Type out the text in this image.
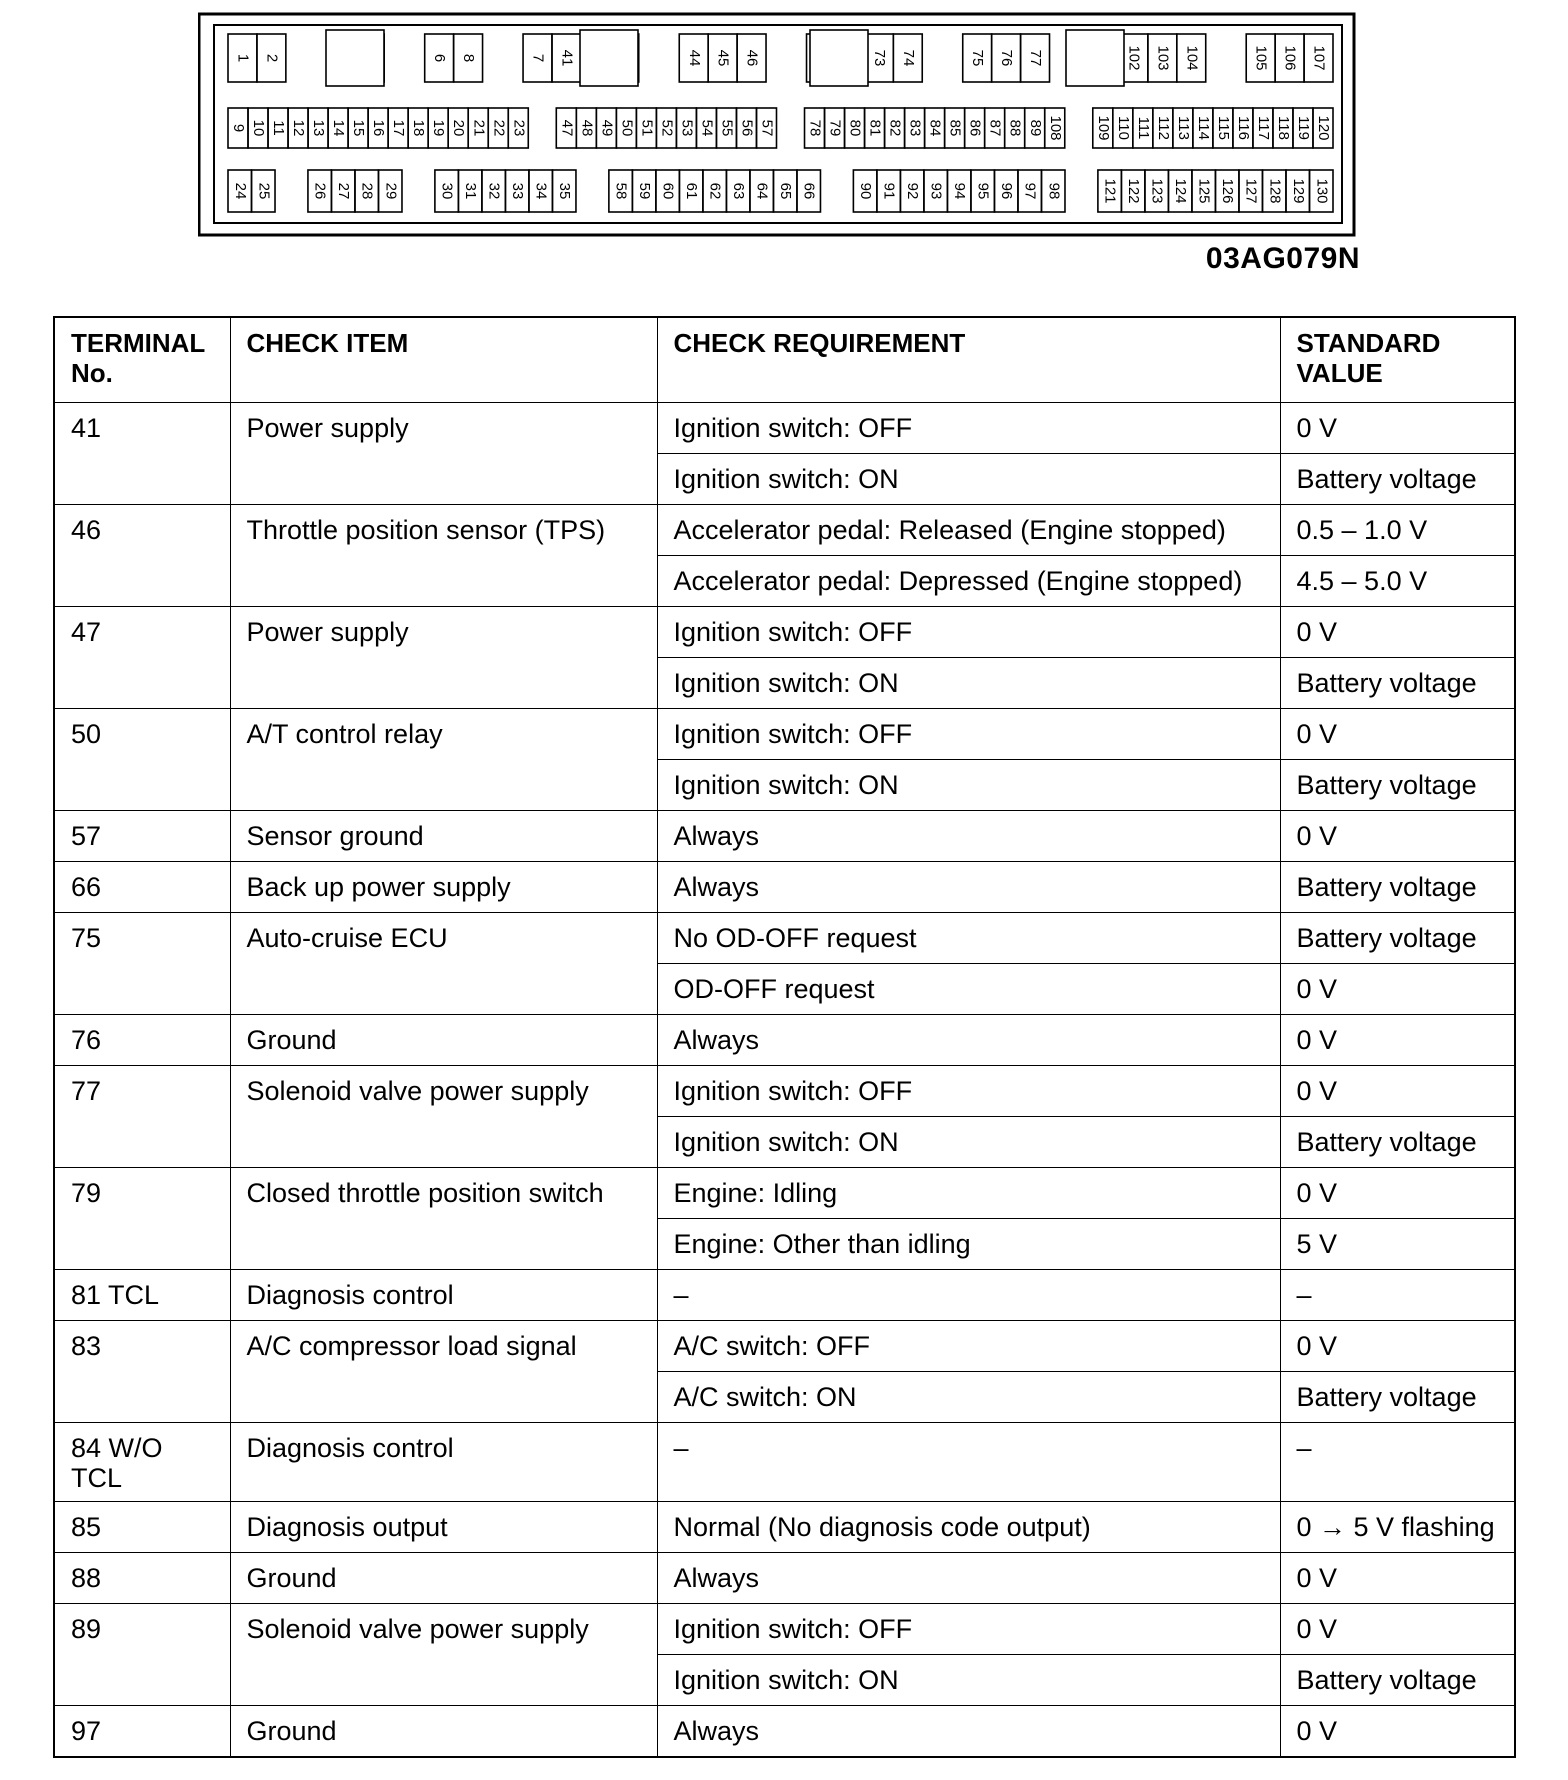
1 2	6 8	7 41	44 45 46	73 74	75 76 77	102 103 104	105 106 107
9 10 11 12 13 14 15 16 17 18 19 20 21 22 23 47 48 49 50 51 52 53 54 55 56 57 78 79 80 81 82 83 84 85 86 87 88 89 108 109 110 111 112 113 114 115 116 117 118 119 120
24 25	26 27 28 29	30 31 32 33 34 35	58 59 60 61 62 63 64 65 66	90 91 92 93 94 95 96 97 98	121 122 123 124 125 126 127 128 129 130
03AG079N
TERMINAL
No.	CHECK ITEM	CHECK REQUIREMENT	STANDARD
VALUE
41	Power supply	Ignition switch: OFF	0 V
		Ignition switch: ON	Battery voltage
46	Throttle position sensor (TPS)	Accelerator pedal: Released (Engine stopped)	0.5 – 1.0 V
		Accelerator pedal: Depressed (Engine stopped)	4.5 – 5.0 V
47	Power supply	Ignition switch: OFF	0 V
		Ignition switch: ON	Battery voltage
50	A/T control relay	Ignition switch: OFF	0 V
		Ignition switch: ON	Battery voltage
57	Sensor ground	Always	0 V
66	Back up power supply	Always	Battery voltage
75	Auto-cruise ECU	No OD-OFF request	Battery voltage
		OD-OFF request	0 V
76	Ground	Always	0 V
77	Solenoid valve power supply	Ignition switch: OFF	0 V
		Ignition switch: ON	Battery voltage
79	Closed throttle position switch	Engine: Idling	0 V
		Engine: Other than idling	5 V
81 TCL	Diagnosis control	–	–
83	A/C compressor load signal	A/C switch: OFF	0 V
		A/C switch: ON	Battery voltage
84 W/O
TCL	Diagnosis control	–	–
85	Diagnosis output	Normal (No diagnosis code output)	0 → 5 V flashing
88	Ground	Always	0 V
89	Solenoid valve power supply	Ignition switch: OFF	0 V
		Ignition switch: ON	Battery voltage
97	Ground	Always	0 V
